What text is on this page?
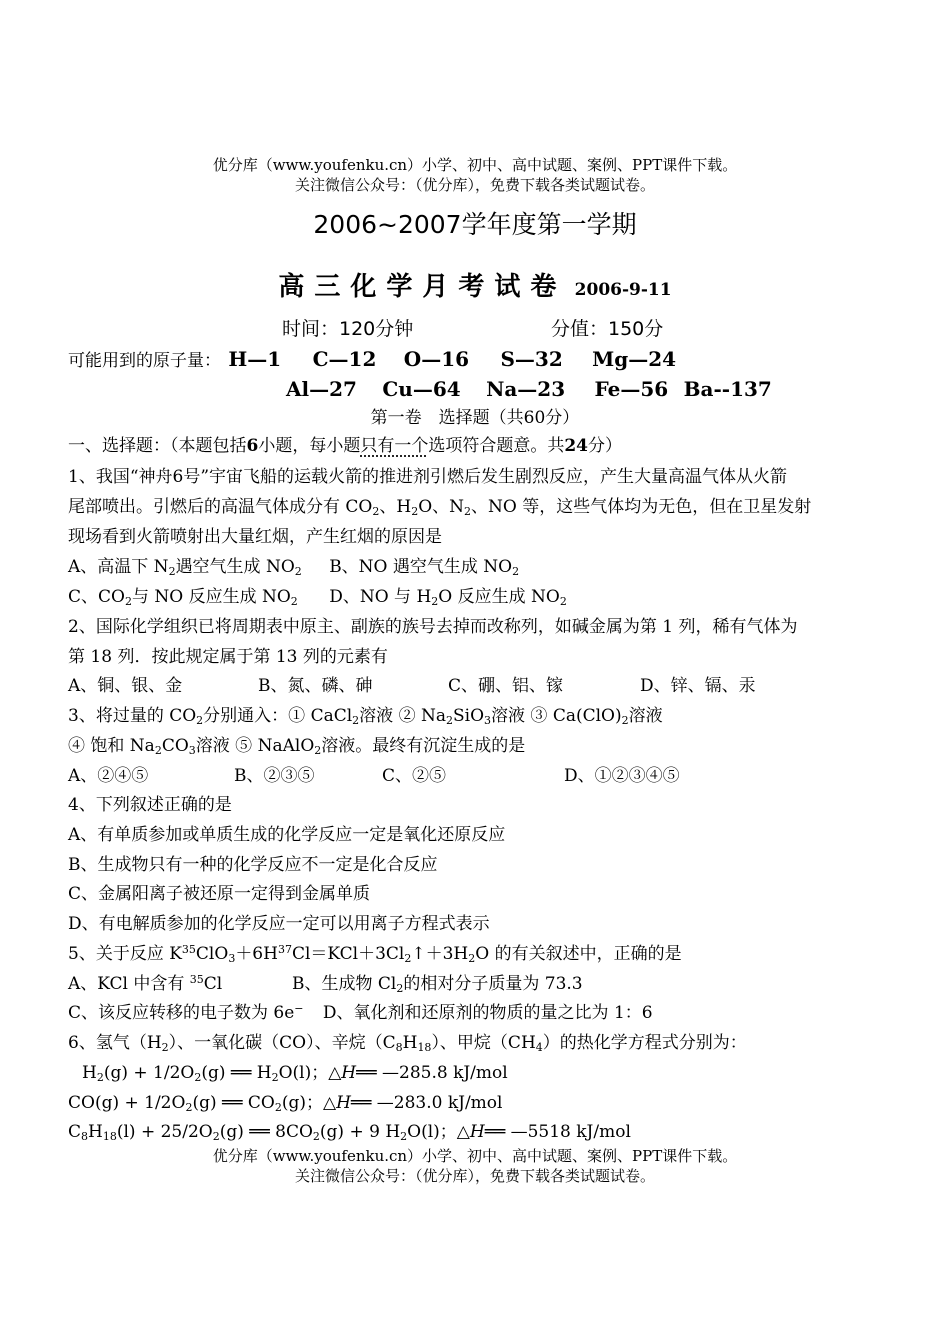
优分库（www.youfenku.cn）小学、初中、高中试题、案例、PPT课件下载。
关注微信公众号：（优分库），免费下载各类试题试卷。
2006~2007学年度第一学期
高三化学月考试卷 2006-9-11
时间：120分钟	分值：150分
可能用到的原子量： H—1 C—12 O—16 S—32 Mg—24
Al—27 Cu—64 Na—23 Fe—56 Ba--137
第一卷　选择题（共60分）
一、选择题：（本题包括6小题，每小题只有一个选项符合题意。共24分）
1、我国“神舟6号”宇宙飞船的运载火箭的推进剂引燃后发生剧烈反应，产生大量高温气体从火箭
尾部喷出。引燃后的高温气体成分有 $CO_2$、$H_2O$、$N_2$、NO 等，这些气体均为无色，但在卫星发射
现场看到火箭喷射出大量红烟，产生红烟的原因是
A、高温下 $N_2$遇空气生成 $NO_2$ B、NO 遇空气生成 $NO_2$
C、$CO_2$与 NO 反应生成 $NO_2$ D、NO 与 $H_2O$ 反应生成 $NO_2$
2、国际化学组织已将周期表中原主、副族的族号去掉而改称列，如碱金属为第 1 列，稀有气体为
第 18 列．按此规定属于第 13 列的元素有
A、铜、银、金	B、氮、磷、砷	C、硼、铝、镓	D、锌、镉、汞
3、将过量的 $CO_2$分别通入：① CaCl$_2$溶液 ② $Na_2SiO_3$溶液 ③ $Ca(ClO)_2$溶液
④ 饱和 $Na_2CO_3$溶液 ⑤ NaAlO$_2$溶液。最终有沉淀生成的是
A、②④⑤	B、②③⑤	C、②⑤	D、①②③④⑤
4、下列叙述正确的是
A、有单质参加或单质生成的化学反应一定是氧化还原反应
B、生成物只有一种的化学反应不一定是化合反应
C、金属阳离子被还原一定得到金属单质
D、有电解质参加的化学反应一定可以用离子方程式表示
5、关于反应 $K^{35}ClO_3+6H^{37}Cl=KCl+3Cl_2↑+3H_2O$ 的有关叙述中，正确的是
A、KCl 中含有 $^{35}$Cl	B、生成物 $Cl_2$的相对分子质量为 73.3
C、该反应转移的电子数为 6e− D、氧化剂和还原剂的物质的量之比为 1：6
6、氢气$(H_2)$、一氧化碳（CO）、辛烷$(C_8H_{18})$、甲烷$(CH_4)$的热化学方程式分别为：
$H_2(g) + 1/2O_2(g)$ ══ $H_2O(l)$；△H══ —285.8 kJ/mol
$CO(g) + 1/2O_2(g)$ ══ $CO_2(g)$；△H══ —283.0 kJ/mol
$C_8H_{18}(l) + 25/2O_2(g)$ ══ $8CO_2(g) + 9$ $H_2O(l)$；△H══ —5518 kJ/mol
优分库（www.youfenku.cn）小学、初中、高中试题、案例、PPT课件下载。
关注微信公众号：（优分库），免费下载各类试题试卷。
